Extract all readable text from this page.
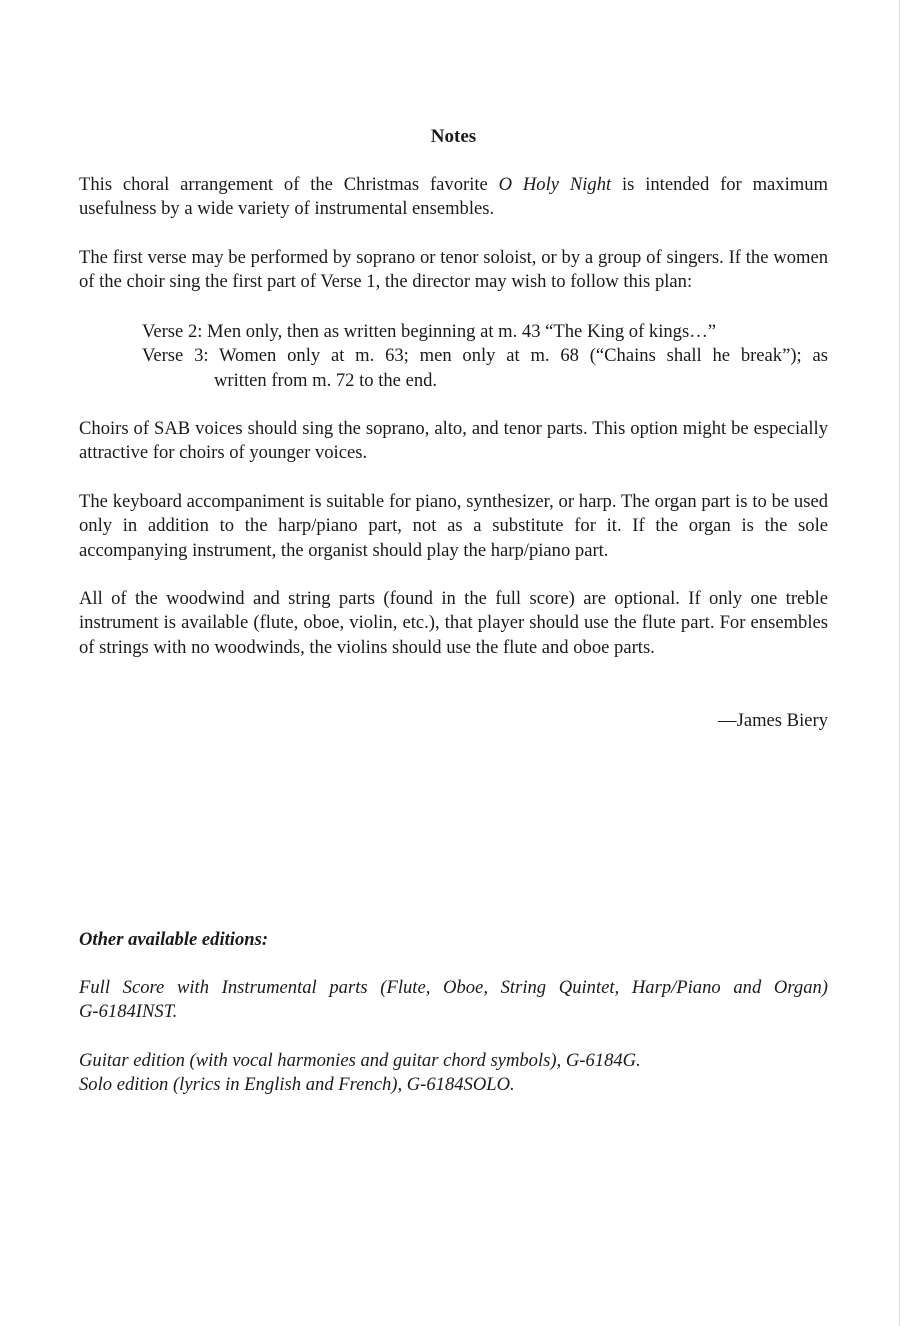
Notes

This choral arrangement of the Christmas favorite O Holy Night is intended for maximum usefulness by a wide variety of instrumental ensembles.

The first verse may be performed by soprano or tenor soloist, or by a group of singers. If the women of the choir sing the first part of Verse 1, the director may wish to follow this plan:

Verse 2: Men only, then as written beginning at m. 43 “The King of kings…”
Verse 3: Women only at m. 63; men only at m. 68 (“Chains shall he break”); as
written from m. 72 to the end.

Choirs of SAB voices should sing the soprano, alto, and tenor parts. This option might be especially attractive for choirs of younger voices.

The keyboard accompaniment is suitable for piano, synthesizer, or harp. The organ part is to be used only in addition to the harp/piano part, not as a substitute for it. If the organ is the sole accompanying instrument, the organist should play the harp/piano part.

All of the woodwind and string parts (found in the full score) are optional. If only one treble instrument is available (flute, oboe, violin, etc.), that player should use the flute part. For ensembles of strings with no woodwinds, the violins should use the flute and oboe parts.

—James Biery
Other available editions:

Full Score with Instrumental parts (Flute, Oboe, String Quintet, Harp/Piano and Organ)
G-6184INST.

Guitar edition (with vocal harmonies and guitar chord symbols), G-6184G.

Solo edition (lyrics in English and French), G-6184SOLO.
